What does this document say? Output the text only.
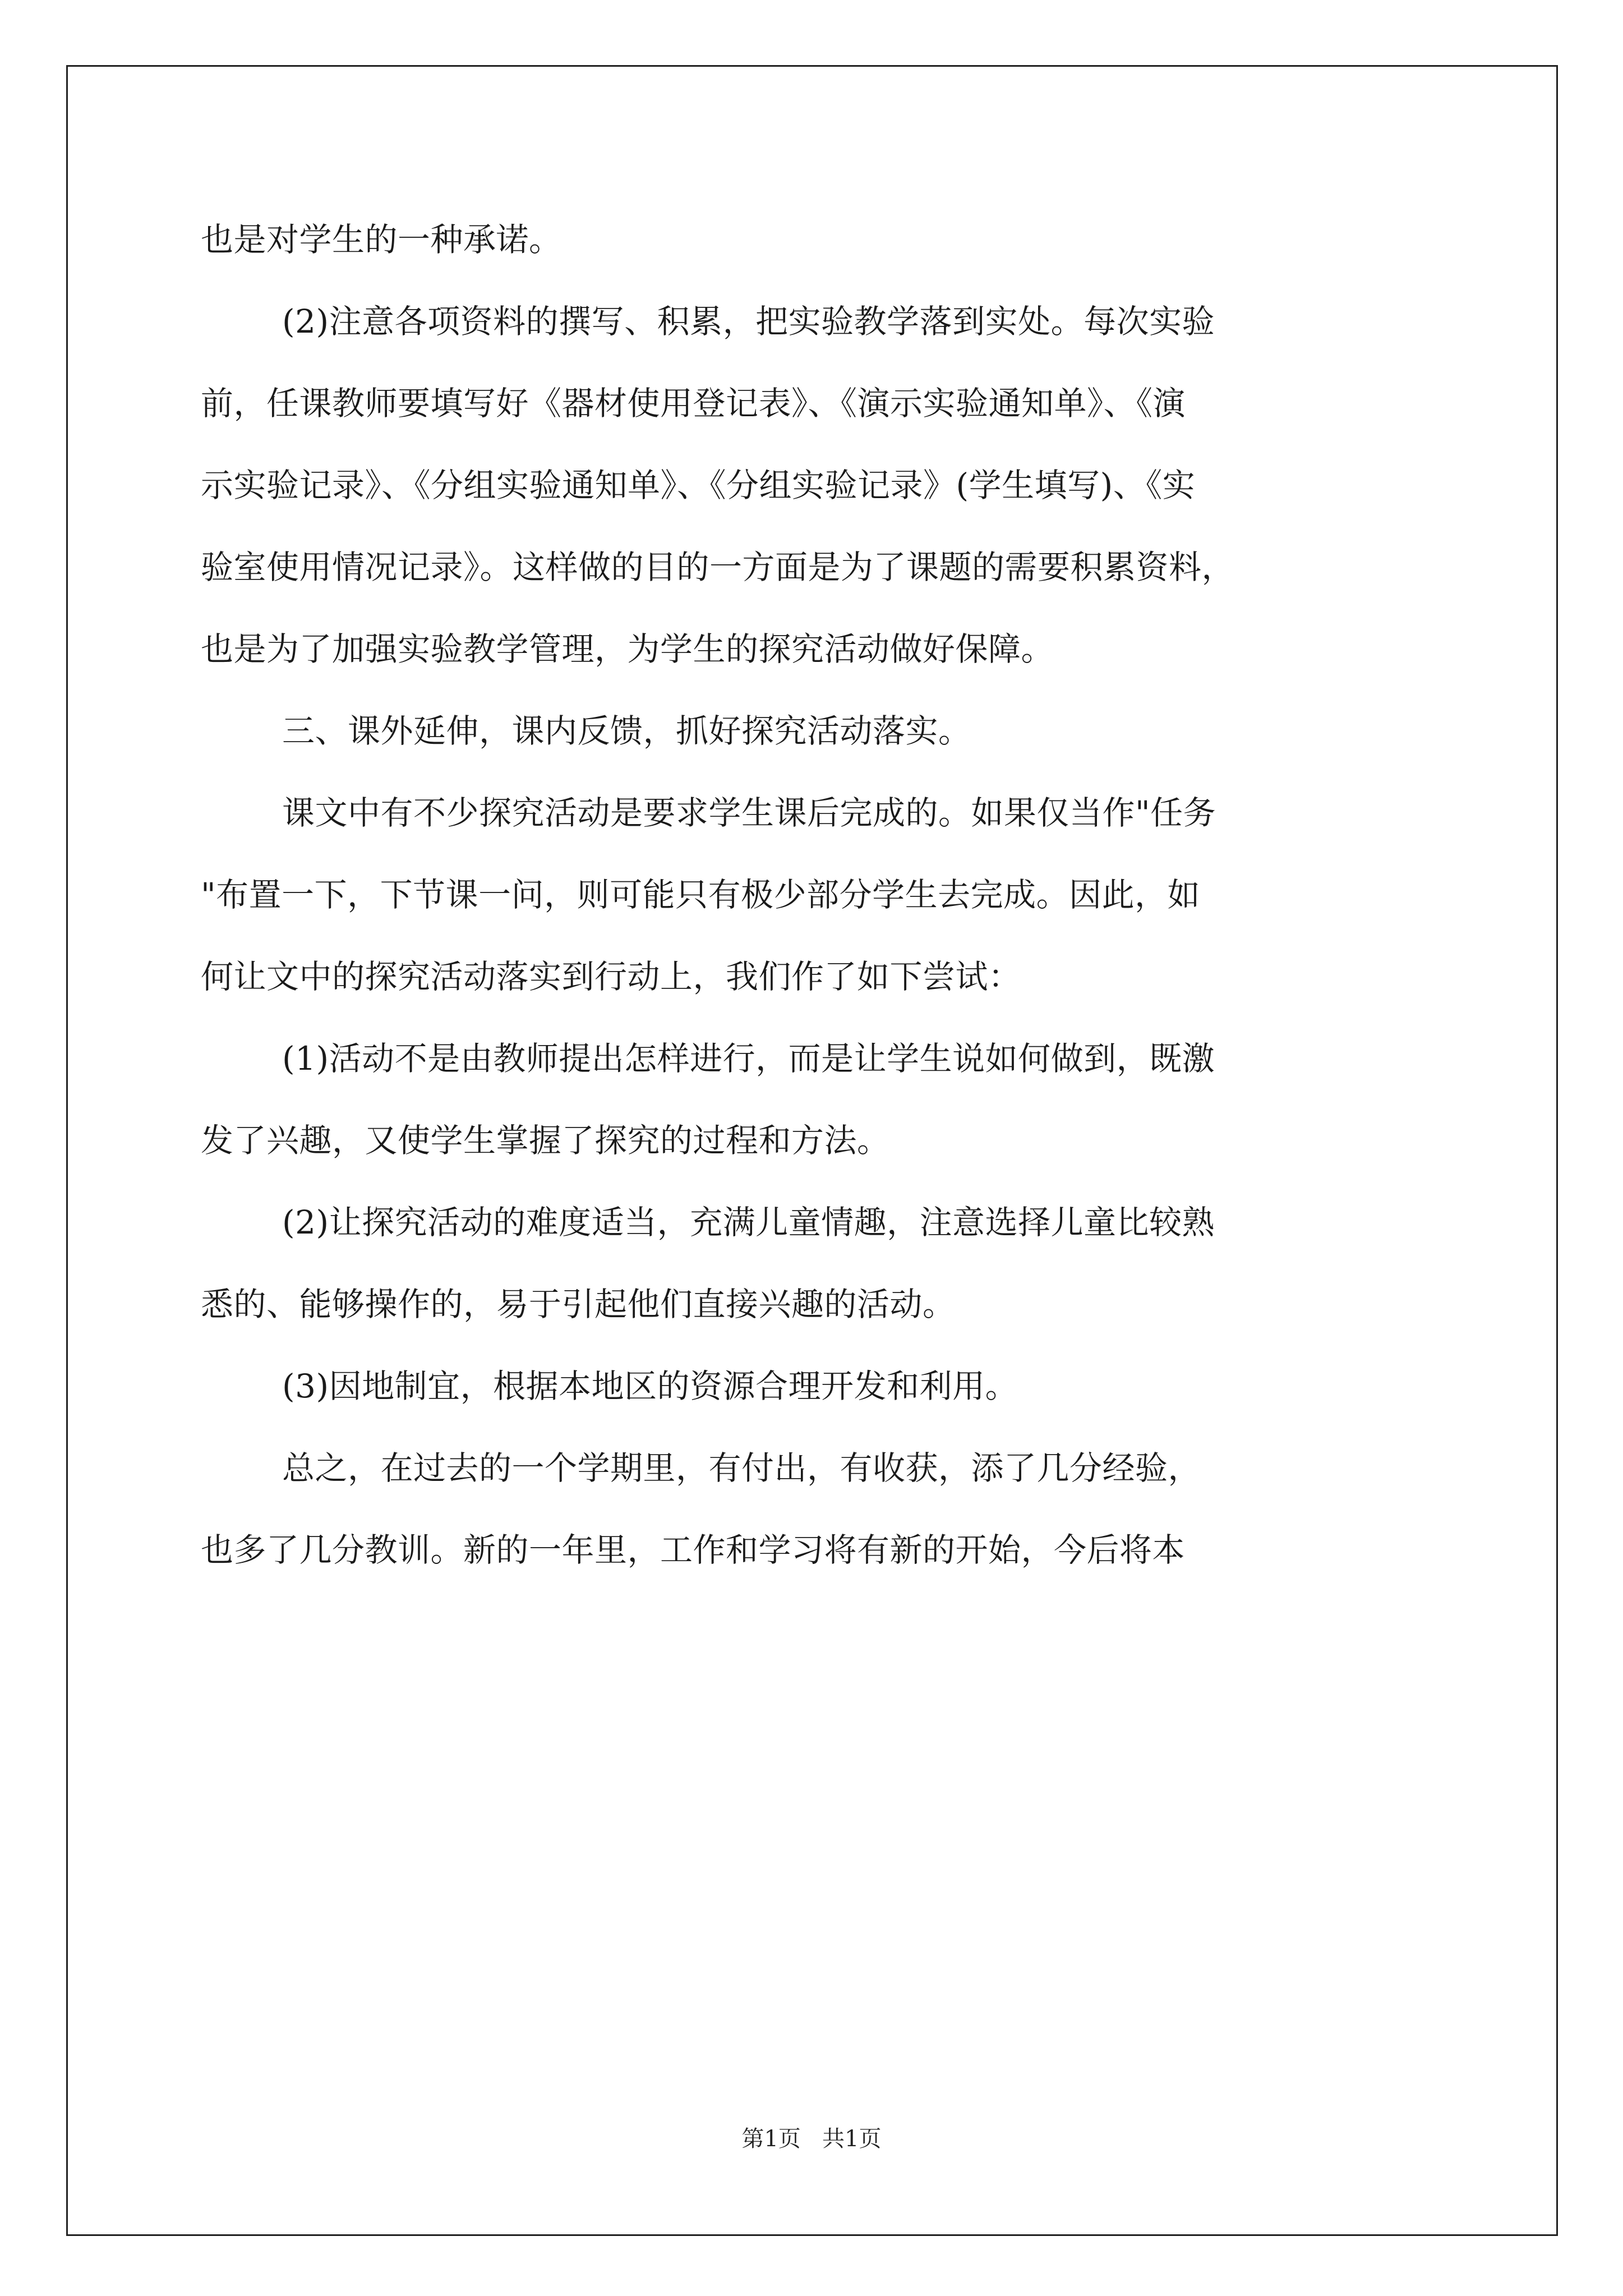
也是对学生的一种承诺。
(2)注意各项资料的撰写、积累，把实验教学落到实处。每次实验
前，任课教师要填写好《器材使用登记表》、《演示实验通知单》、《演
示实验记录》、《分组实验通知单》、《分组实验记录》(学生填写)、《实
验室使用情况记录》。这样做的目的一方面是为了课题的需要积累资料，
也是为了加强实验教学管理，为学生的探究活动做好保障。
三、课外延伸，课内反馈，抓好探究活动落实。
课文中有不少探究活动是要求学生课后完成的。如果仅当作"任务
"布置一下，下节课一问，则可能只有极少部分学生去完成。因此，如
何让文中的探究活动落实到行动上，我们作了如下尝试：
(1)活动不是由教师提出怎样进行，而是让学生说如何做到，既激
发了兴趣，又使学生掌握了探究的过程和方法。
(2)让探究活动的难度适当，充满儿童情趣，注意选择儿童比较熟
悉的、能够操作的，易于引起他们直接兴趣的活动。
(3)因地制宜，根据本地区的资源合理开发和利用。
总之，在过去的一个学期里，有付出，有收获，添了几分经验，
也多了几分教训。新的一年里，工作和学习将有新的开始，今后将本
第1页   共1页
